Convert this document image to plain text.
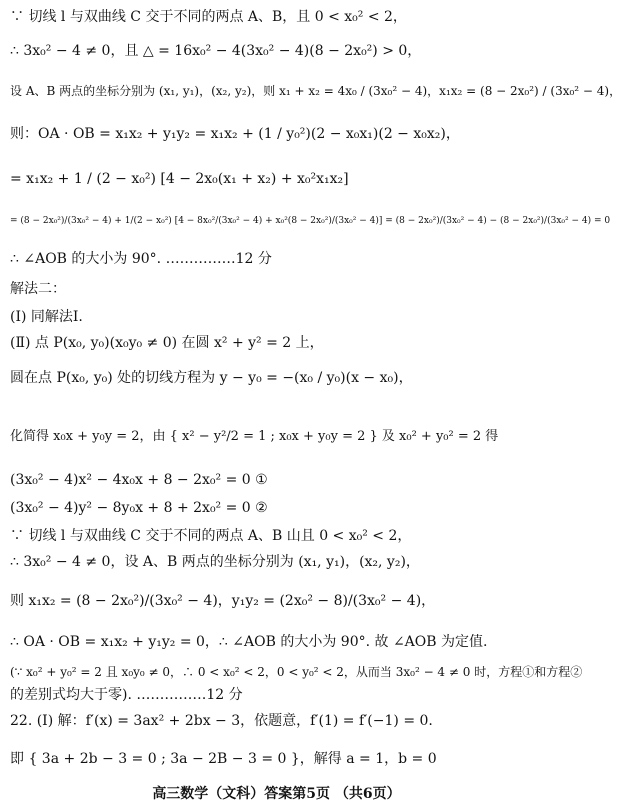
∵ 切线 l 与双曲线 C 交于不同的两点 A、B，且 0 < x₀² < 2，
∴ 3x₀² − 4 ≠ 0，且 △ = 16x₀² − 4(3x₀² − 4)(8 − 2x₀²) > 0，
设 A、B 两点的坐标分别为 (x₁, y₁)，(x₂, y₂)，则 x₁ + x₂ = 4x₀ / (3x₀² − 4)，x₁x₂ = (8 − 2x₀²) / (3x₀² − 4)，
则：OA · OB = x₁x₂ + y₁y₂ = x₁x₂ + (1 / y₀²)(2 − x₀x₁)(2 − x₀x₂)，
= x₁x₂ + 1 / (2 − x₀²) [4 − 2x₀(x₁ + x₂) + x₀²x₁x₂]
= (8 − 2x₀²)/(3x₀² − 4) + 1/(2 − x₀²) [4 − 8x₀²/(3x₀² − 4) + x₀²(8 − 2x₀²)/(3x₀² − 4)] = (8 − 2x₀²)/(3x₀² − 4) − (8 − 2x₀²)/(3x₀² − 4) = 0
∴ ∠AOB 的大小为 90°. ……………12 分
解法二：
(Ⅰ) 同解法Ⅰ.
(Ⅱ) 点 P(x₀, y₀)(x₀y₀ ≠ 0) 在圆 x² + y² = 2 上，
圆在点 P(x₀, y₀) 处的切线方程为 y − y₀ = −(x₀ / y₀)(x − x₀)，
化简得 x₀x + y₀y = 2，由 { x² − y²/2 = 1 ; x₀x + y₀y = 2 } 及 x₀² + y₀² = 2 得
(3x₀² − 4)x² − 4x₀x + 8 − 2x₀² = 0 ①
(3x₀² − 4)y² − 8y₀x + 8 + 2x₀² = 0 ②
∵ 切线 l 与双曲线 C 交于不同的两点 A、B 山且 0 < x₀² < 2，
∴ 3x₀² − 4 ≠ 0，设 A、B 两点的坐标分别为 (x₁, y₁)，(x₂, y₂)，
则 x₁x₂ = (8 − 2x₀²)/(3x₀² − 4)，y₁y₂ = (2x₀² − 8)/(3x₀² − 4)，
∴ OA · OB = x₁x₂ + y₁y₂ = 0，∴ ∠AOB 的大小为 90°. 故 ∠AOB 为定值.
(∵ x₀² + y₀² = 2 且 x₀y₀ ≠ 0，∴ 0 < x₀² < 2，0 < y₀² < 2，从而当 3x₀² − 4 ≠ 0 时，方程①和方程②
的差别式均大于零). ……………12 分
22. (Ⅰ) 解：f′(x) = 3ax² + 2bx − 3，依题意，f′(1) = f′(−1) = 0.
即 { 3a + 2b − 3 = 0 ; 3a − 2B − 3 = 0 }，解得 a = 1，b = 0
高三数学（文科）答案第5页 （共6页）
